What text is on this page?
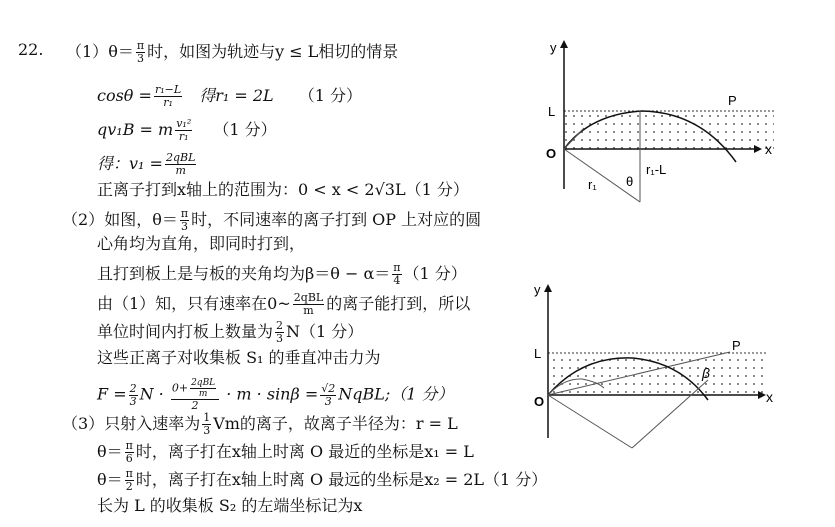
22. $(1)\theta= \frac{\pi}{3}$ 时，如图为轨迹与y ≤ L相切的情景
$\cos\theta = \frac{\text{r₁−L}}{\text{r₁}}$ 得r₁ = 2L （1 分）
qv₁B = m $\frac{\text{v₁²}}{\text{r₁}} (1$ 分）
得：$v_1 = \frac{\text{2qBL}}{m}$
正离子打到x轴上的范围为：0 < x < 2√3L（1 分）
（2）如图，$\theta= \frac{\pi}{3}$ 时，不同速率的离子打到 OP 上对应的圆
心角均为直角，即同时打到，
且打到板上是与板的夹角均为$\beta=\theta - \alpha= \frac{\pi}{4} (1$ 分）
由（1）知，只有速率在0~ $\frac{\text{2qBL}}{m}$ 的离子能打到，所以
单位时间内打板上数量为 $\frac{2}{3} N(1$ 分）
这些正离子对收集板 S₁ 的垂直冲击力为
$F = \frac{2}{3}$ $N \cdot \frac{0+ \frac{\text{2qBL}}{m}}{2} \cdot m \cdot \sin\beta = \frac{√2}{3}$ NqBL;（1 分）
（3）只射入速率为 $\frac{1}{3}$ Vm的离子，故离子半径为：r = L
$\theta= \frac{\pi}{6}$ 时，离子打在x轴上时离 O 最近的坐标是x₁ = L
$\theta= \frac{\pi}{2}$ 时，离子打在x轴上时离 O 最远的坐标是x₂ = 2L（1 分）
长为 L 的收集板 S₂ 的左端坐标记为x
y
x
O
L
P
r₁
r₁-L
θ
y
x
O
L
P
β
